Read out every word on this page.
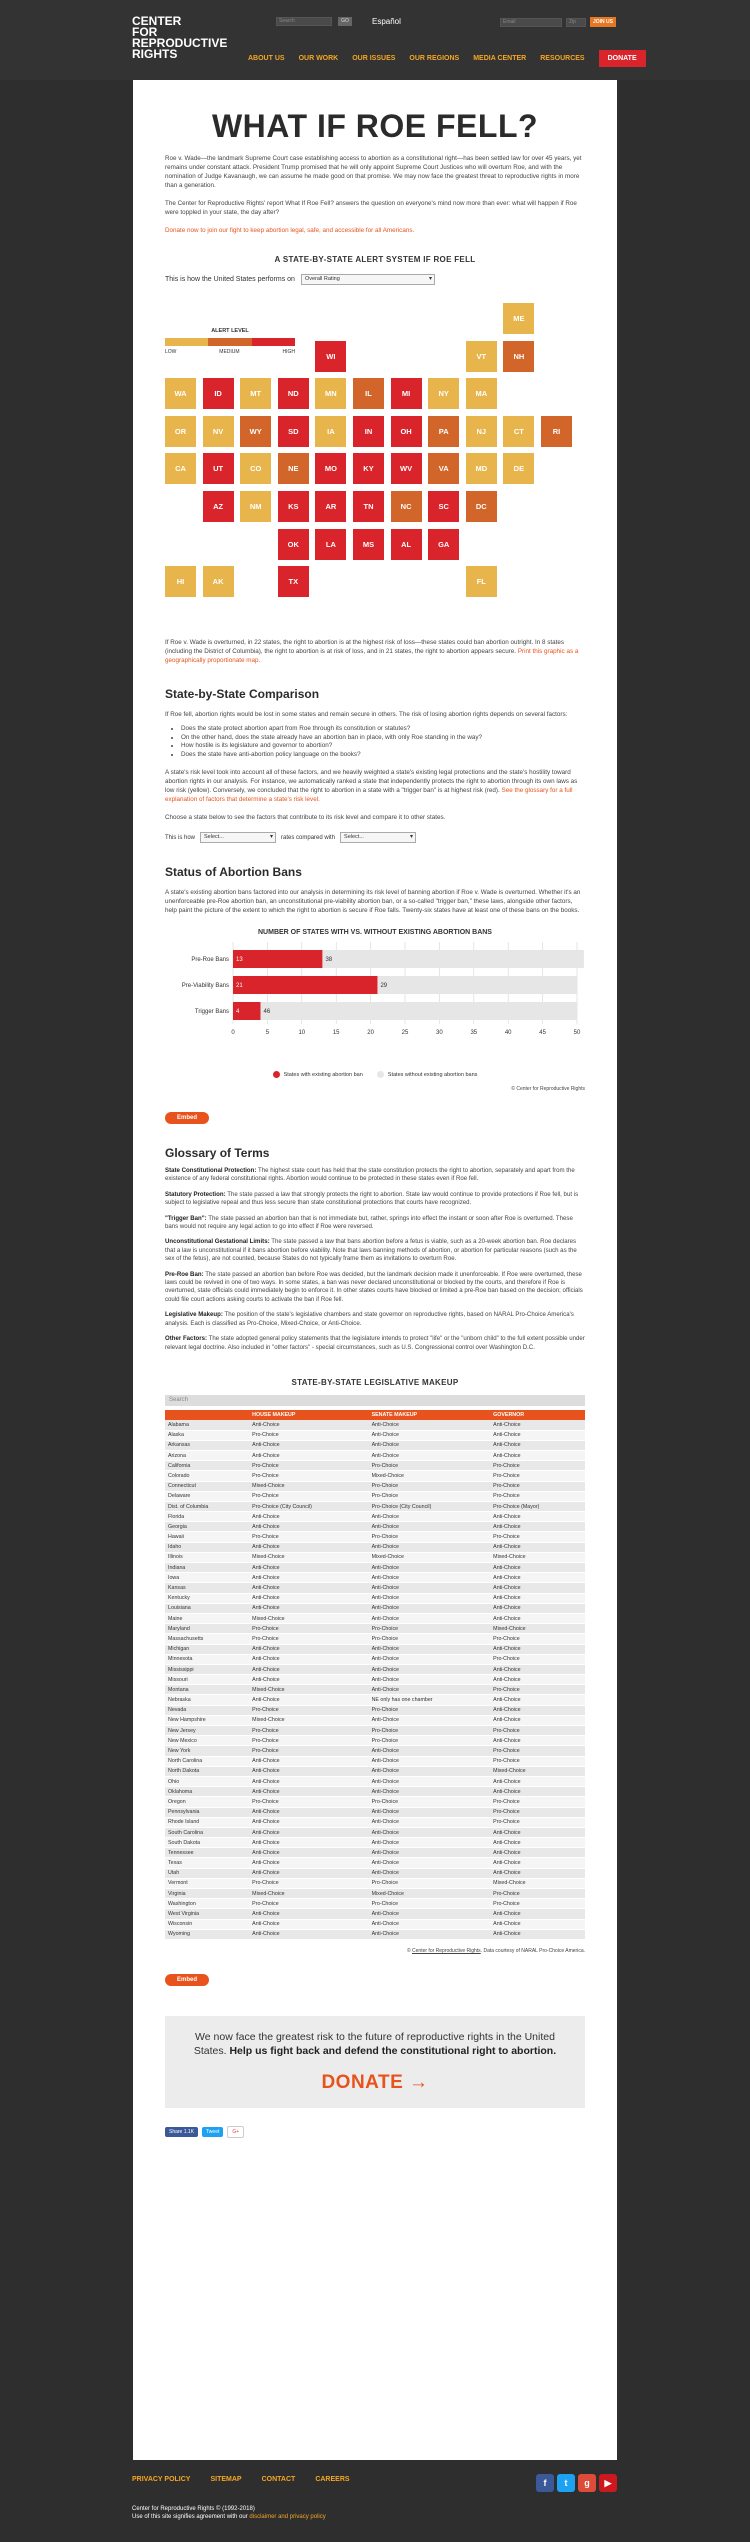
CENTER
FOR
REPRODUCTIVE
RIGHTS
Search	GO	Español	Email	Zip	JOIN US
ABOUT US OUR WORK OUR ISSUES OUR REGIONS MEDIA CENTER RESOURCES	DONATE
WHAT IF ROE FELL?

Roe v. Wade—the landmark Supreme Court case establishing access to abortion as a constitutional right—has been settled law for over 45 years, yet remains under constant attack. President Trump promised that he will only appoint Supreme Court Justices who will overturn Roe, and with the nomination of Judge Kavanaugh, we can assume he made good on that promise. We may now face the greatest threat to reproductive rights in more than a generation.

The Center for Reproductive Rights' report What If Roe Fell? answers the question on everyone's mind now more than ever: what will happen if Roe were toppled in your state, the day after?

Donate now to join our fight to keep abortion legal, safe, and accessible for all Americans.

A STATE-BY-STATE ALERT SYSTEM IF ROE FELL
This is how the United States performs on	Overall Rating ▾
ALERT LEVEL
LOW	MEDIUM	HIGH
ME
WI	VT	NH
WA	ID	MT	ND	MN	IL	MI	NY	MA
OR	NV	WY	SD	IA	IN	OH	PA	NJ	CT	RI
CA	UT	CO	NE	MO	KY	WV	VA	MD	DE
AZ	NM	KS	AR	TN	NC	SC	DC
OK	LA	MS	AL	GA
HI	AK	TX	FL

If Roe v. Wade is overturned, in 22 states, the right to abortion is at the highest risk of loss—these states could ban abortion outright. In 8 states (including the District of Columbia), the right to abortion is at risk of loss, and in 21 states, the right to abortion appears secure. Print this graphic as a geographically proportionate map.

State-by-State Comparison

If Roe fell, abortion rights would be lost in some states and remain secure in others. The risk of losing abortion rights depends on several factors:

• Does the state protect abortion apart from Roe through its constitution or statutes?
• On the other hand, does the state already have an abortion ban in place, with only Roe standing in the way?
• How hostile is its legislature and governor to abortion?
• Does the state have anti-abortion policy language on the books?

A state's risk level took into account all of these factors, and we heavily weighted a state's existing legal protections and the state's hostility toward abortion rights in our analysis. For instance, we automatically ranked a state that independently protects the right to abortion through its own laws as low risk (yellow). Conversely, we concluded that the right to abortion in a state with a "trigger ban" is at highest risk (red). See the glossary for a full explanation of factors that determine a state's risk level.

Choose a state below to see the factors that contribute to its risk level and compare it to other states.

This is how	Select... ▾	rates compared with	Select... ▾
Status of Abortion Bans

A state's existing abortion bans factored into our analysis in determining its risk level of banning abortion if Roe v. Wade is overturned. Whether it's an unenforceable pre-Roe abortion ban, an unconstitutional pre-viability abortion ban, or a so-called "trigger ban," these laws, alongside other factors, help paint the picture of the extent to which the right to abortion is secure if Roe falls. Twenty-six states have at least one of these bans on the books.

NUMBER OF STATES WITH VS. WITHOUT EXISTING ABORTION BANS
0	5	10	15	20	25	30	35	40	45	50
Pre-Roe Bans 13	38
Pre-Viability Bans 21	29
Trigger Bans 4	46
States with existing abortion ban	States without existing abortion bans
© Center for Reproductive Rights
Embed
Glossary of Terms

State Constitutional Protection: The highest state court has held that the state constitution protects the right to abortion, separately and apart from the existence of any federal constitutional rights. Abortion would continue to be protected in these states even if Roe fell.

Statutory Protection: The state passed a law that strongly protects the right to abortion. State law would continue to provide protections if Roe fell, but is subject to legislative repeal and thus less secure than state constitutional protections that courts have recognized.

"Trigger Ban": The state passed an abortion ban that is not immediate but, rather, springs into effect the instant or soon after Roe is overturned. These bans would not require any legal action to go into effect if Roe were reversed.

Unconstitutional Gestational Limits: The state passed a law that bans abortion before a fetus is viable, such as a 20-week abortion ban. Roe declares that a law is unconstitutional if it bans abortion before viability. Note that laws banning methods of abortion, or abortion for particular reasons (such as the sex of the fetus), are not counted, because States do not typically frame them as invitations to overturn Roe.

Pre-Roe Ban: The state passed an abortion ban before Roe was decided, but the landmark decision made it unenforceable. If Roe were overturned, these laws could be revived in one of two ways. In some states, a ban was never declared unconstitutional or blocked by the courts, and therefore if Roe is overturned, state officials could immediately begin to enforce it. In other states courts have blocked or limited a pre-Roe ban based on the decision; officials could file court actions asking courts to activate the ban if Roe fell.

Legislative Makeup: The position of the state's legislative chambers and state governor on reproductive rights, based on NARAL Pro-Choice America's analysis. Each is classified as Pro-Choice, Mixed-Choice, or Anti-Choice.

Other Factors: The state adopted general policy statements that the legislature intends to protect "life" or the "unborn child" to the full extent possible under relevant legal doctrine. Also included in "other factors" - special circumstances, such as U.S. Congressional control over Washington D.C.

STATE-BY-STATE LEGISLATIVE MAKEUP
Search
	HOUSE MAKEUP	SENATE MAKEUP	GOVERNOR
Alabama	Anti-Choice	Anti-Choice	Anti-Choice
Alaska	Pro-Choice	Anti-Choice	Anti-Choice
Arkansas	Anti-Choice	Anti-Choice	Anti-Choice
Arizona	Anti-Choice	Anti-Choice	Anti-Choice
California	Pro-Choice	Pro-Choice	Pro-Choice
Colorado	Pro-Choice	Mixed-Choice	Pro-Choice
Connecticut	Mixed-Choice	Pro-Choice	Pro-Choice
Delaware	Pro-Choice	Pro-Choice	Pro-Choice
Dist. of Columbia	Pro-Choice (City Council)	Pro-Choice (City Council)	Pro-Choice (Mayor)
Florida	Anti-Choice	Anti-Choice	Anti-Choice
Georgia	Anti-Choice	Anti-Choice	Anti-Choice
Hawaii	Pro-Choice	Pro-Choice	Pro-Choice
Idaho	Anti-Choice	Anti-Choice	Anti-Choice
Illinois	Mixed-Choice	Mixed-Choice	Mixed-Choice
Indiana	Anti-Choice	Anti-Choice	Anti-Choice
Iowa	Anti-Choice	Anti-Choice	Anti-Choice
Kansas	Anti-Choice	Anti-Choice	Anti-Choice
Kentucky	Anti-Choice	Anti-Choice	Anti-Choice
Louisiana	Anti-Choice	Anti-Choice	Anti-Choice
Maine	Mixed-Choice	Anti-Choice	Anti-Choice
Maryland	Pro-Choice	Pro-Choice	Mixed-Choice
Massachusetts	Pro-Choice	Pro-Choice	Pro-Choice
Michigan	Anti-Choice	Anti-Choice	Anti-Choice
Minnesota	Anti-Choice	Anti-Choice	Pro-Choice
Mississippi	Anti-Choice	Anti-Choice	Anti-Choice
Missouri	Anti-Choice	Anti-Choice	Anti-Choice
Montana	Mixed-Choice	Anti-Choice	Pro-Choice
Nebraska	Anti-Choice	NE only has one chamber	Anti-Choice
Nevada	Pro-Choice	Pro-Choice	Anti-Choice
New Hampshire	Mixed-Choice	Anti-Choice	Anti-Choice
New Jersey	Pro-Choice	Pro-Choice	Pro-Choice
New Mexico	Pro-Choice	Pro-Choice	Anti-Choice
New York	Pro-Choice	Anti-Choice	Pro-Choice
North Carolina	Anti-Choice	Anti-Choice	Pro-Choice
North Dakota	Anti-Choice	Anti-Choice	Mixed-Choice
Ohio	Anti-Choice	Anti-Choice	Anti-Choice
Oklahoma	Anti-Choice	Anti-Choice	Anti-Choice
Oregon	Pro-Choice	Pro-Choice	Pro-Choice
Pennsylvania	Anti-Choice	Anti-Choice	Pro-Choice
Rhode Island	Anti-Choice	Anti-Choice	Pro-Choice
South Carolina	Anti-Choice	Anti-Choice	Anti-Choice
South Dakota	Anti-Choice	Anti-Choice	Anti-Choice
Tennessee	Anti-Choice	Anti-Choice	Anti-Choice
Texas	Anti-Choice	Anti-Choice	Anti-Choice
Utah	Anti-Choice	Anti-Choice	Anti-Choice
Vermont	Pro-Choice	Pro-Choice	Mixed-Choice
Virginia	Mixed-Choice	Mixed-Choice	Pro-Choice
Washington	Pro-Choice	Pro-Choice	Pro-Choice
West Virginia	Anti-Choice	Anti-Choice	Anti-Choice
Wisconsin	Anti-Choice	Anti-Choice	Anti-Choice
Wyoming	Anti-Choice	Anti-Choice	Anti-Choice
© Center for Reproductive Rights. Data courtesy of NARAL Pro-Choice America.
Embed
We now face the greatest risk to the future of reproductive rights in the United States. Help us fight back and defend the constitutional right to abortion.
DONATE →
Share 1.1K	Tweet	G+
PRIVACY POLICY	SITEMAP	CONTACT	CAREERS	f	t	g	▶
Center for Reproductive Rights © (1992-2018)
Use of this site signifies agreement with our disclaimer and privacy policy
